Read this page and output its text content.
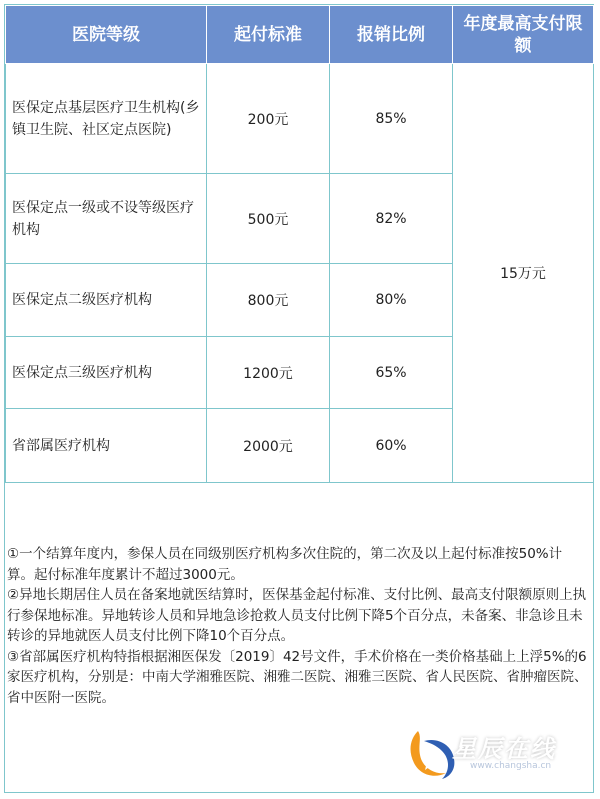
医院等级	起付标准	报销比例	年度最高支付限额
医保定点基层医疗卫生机构(乡镇卫生院、社区定点医院)	200元	85%	15万元
医保定点一级或不设等级医疗机构	500元	82%	
医保定点二级医疗机构	800元	80%	
医保定点三级医疗机构	1200元	65%	
省部属医疗机构	2000元	60%	

①一个结算年度内，参保人员在同级别医疗机构多次住院的，第二次及以上起付标准按50%计算。起付标准年度累计不超过3000元。

②异地长期居住人员在备案地就医结算时，医保基金起付标准、支付比例、最高支付限额原则上执行参保地标准。异地转诊人员和异地急诊抢救人员支付比例下降5个百分点，未备案、非急诊且未转诊的异地就医人员支付比例下降10个百分点。

③省部属医疗机构特指根据湘医保发〔2019〕42号文件，手术价格在一类价格基础上上浮5%的6家医疗机构，分别是：中南大学湘雅医院、湘雅二医院、湘雅三医院、省人民医院、省肿瘤医院、省中医附一医院。

星辰在线
www.changsha.cn
